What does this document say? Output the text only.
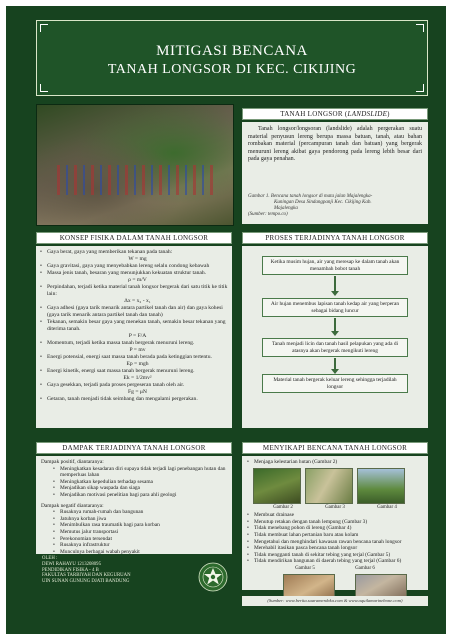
MITIGASI BENCANA
TANAH LONGSOR DI KEC. CIKIJING
TANAH LONGSOR (LANDSLIDE)
Tanah longsor/longsoran (landslide) adalah pergerakan suatu material penyusun lereng berupa massa batuan, tanah, atau bahan rombakan material (percampuran tanah dan batuan) yang bergerak menuruni lereng akibat gaya pendorong pada lereng lebih besar dari pada gaya penahan.
Gambar 1. Bencana tanah longsor di mata jalan Majalengka-
Kuningan Desa Sindangpanji Kec. Cikijing Kab.
Majalengka
(Sumber: tempo.co)
KONSEP FISIKA DALAM TANAH LONGSOR
• Gaya berat, gaya yang memberikan tekanan pada tanah:
W = mg
• Gaya gravitasi, gaya yang menyebabkan lereng selalu condong kebawah
• Massa jenis tanah, besaran yang menunjukkan kekuatan struktur tanah.
ρ = m/V
• Perpindahan, terjadi ketika material tanah longsor bergerak dari satu titik ke titik lain:
Δx = x₂ - x₁
• Gaya adhesi (gaya tarik menarik antara partikel tanah dan air) dan gaya kohesi (gaya tarik menarik antara partikel tanah dan tanah)
• Tekanan, semakin besar gaya yang menekan tanah, semakin besar tekanan yang diterima tanah.
P = F/A
• Momentum, terjadi ketika massa tanah bergerak menuruni lereng.
P = mv
• Energi potensial, energi saat massa tanah berada pada ketinggian tertentu.
Ep = mgh
• Energi kinetik, energi saat massa tanah bergerak menuruni lereng.
Ek = 1/2mv²
• Gaya gesekkan, terjadi pada proses pergeseran tanah oleh air.
Fg = μN
• Getaran, tanah menjadi tidak seimbang dan mengalami pergerakan.
PROSES TERJADINYA TANAH LONGSOR
Ketika musim hujan, air yang meresap ke dalam tanah akan menambah bobot tanah
Air hujan menembus lapisan tanah kedap air yang berperan sebagai bidang luncur
Tanah menjadi licin dan tanah hasil pelapukan yang ada di atasnya akan bergerak mengikuti lereng
Material tanah bergerak keluar lereng sehingga terjadilah longsor
DAMPAK TERJADINYA TANAH LONGSOR
Dampak positif, diantaranya:
• Meningkatkan kesadaran diri supaya tidak terjadi lagi penebangan hutan dan memperluas lahan
• Meningkatkan kepedulian terhadap sesama
• Menjadikan sikap waspada dan siaga
• Menjadikan motivasi penelitian bagi para ahli geologi
Dampak negatif diantaranya:
• Rusaknya rumah-rumah dan bangunan
• Jatuhnya korban jiwa
• Menimbulkan rasa traumatik bagi para korban
• Memutus jalur transportasi
• Perekonomian tersendat
• Rusaknya infrastruktur
• Munculnya berbagai wabah penyakit
OLEH :
DEWI RAHAYU 1213208095
PENDIDIKAN FISIKA - 4 B
FAKULTAS TARBIYAH DAN KEGURUAN
UIN SUNAN GUNUNG DJATI BANDUNG
MENYIKAPI BENCANA TANAH LONGSOR
• Menjaga kelestarian hutan (Gambar 2)
Gambar 2	Gambar 3	Gambar 4
• Membuat drainase
• Menutup retakan dengan tanah lempung (Gambar 3)
• Tidak menebang pohon di lereng (Gambar 4)
• Tidak membuat lahan pertanian baru atau kolam
• Mengetahui dan menghindari kawasan rawan bencana tanah longsor
• Merehabil itasikan pasca bencana tanah longsor
• Tidak mengganti tanah di sekitar tebing yang terjal (Gambar 5)
• Tidak mendirikan bangunan di daerah tebing yang terjal (Gambar 6)
Gambar 5	Gambar 6
(Sumber: www.berita.suaramerdeka.com & www.aquilamarinebone.com)
